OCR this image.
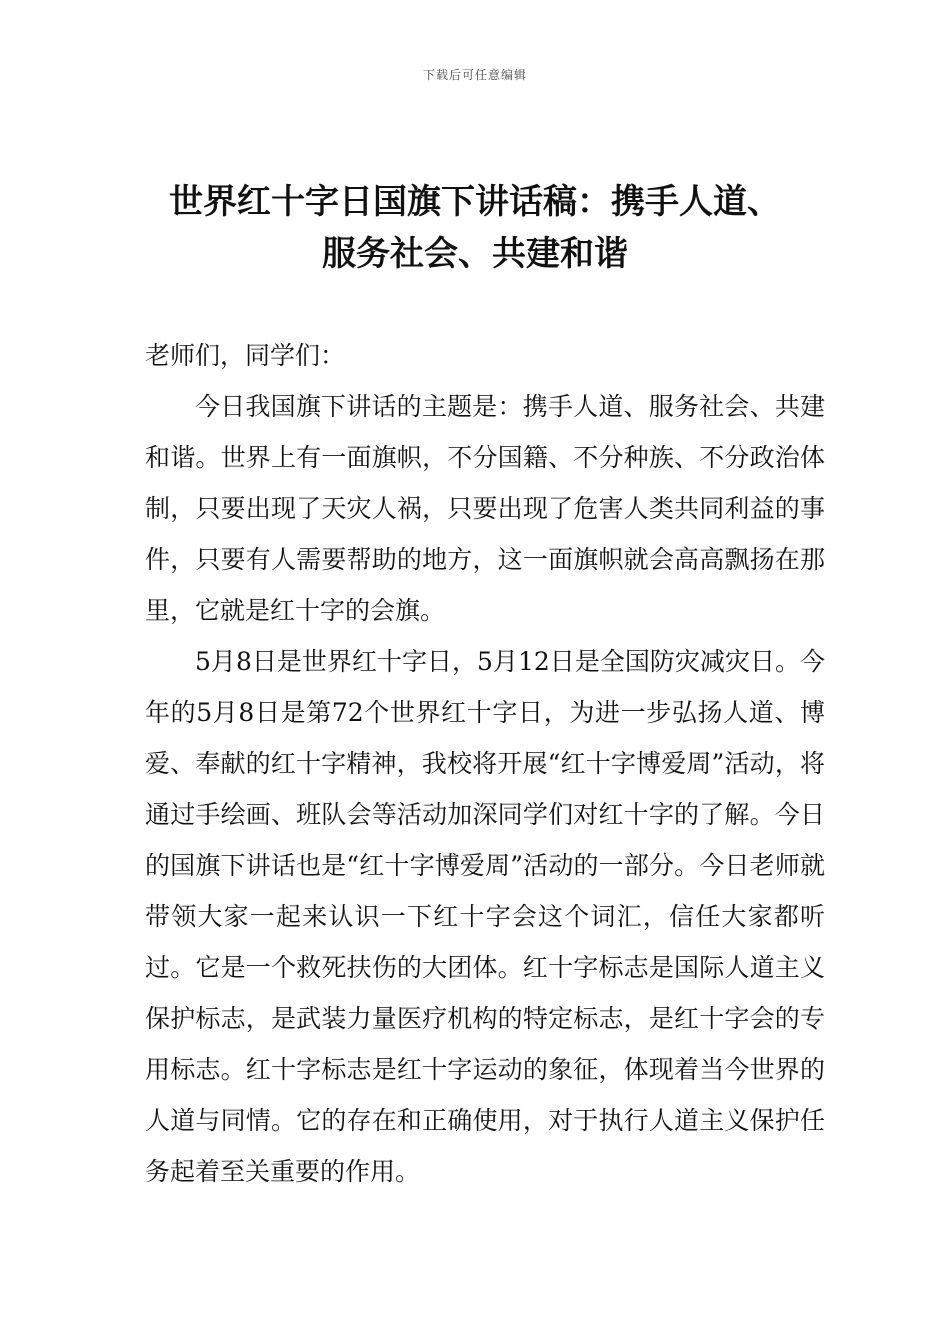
下载后可任意编辑
世界红十字日国旗下讲话稿：携手人道、
服务社会、共建和谐

老师们，同学们：

今日我国旗下讲话的主题是：携手人道、服务社会、共建和谐。世界上有一面旗帜，不分国籍、不分种族、不分政治体制，只要出现了天灾人祸，只要出现了危害人类共同利益的事件，只要有人需要帮助的地方，这一面旗帜就会高高飘扬在那里，它就是红十字的会旗。

5月8日是世界红十字日，5月12日是全国防灾减灾日。今年的5月8日是第72个世界红十字日，为进一步弘扬人道、博爱、奉献的红十字精神，我校将开展“红十字博爱周”活动，将通过手绘画、班队会等活动加深同学们对红十字的了解。今日的国旗下讲话也是“红十字博爱周”活动的一部分。今日老师就带领大家一起来认识一下红十字会这个词汇，信任大家都听过。它是一个救死扶伤的大团体。红十字标志是国际人道主义保护标志，是武装力量医疗机构的特定标志，是红十字会的专用标志。红十字标志是红十字运动的象征，体现着当今世界的人道与同情。它的存在和正确使用，对于执行人道主义保护任务起着至关重要的作用。
